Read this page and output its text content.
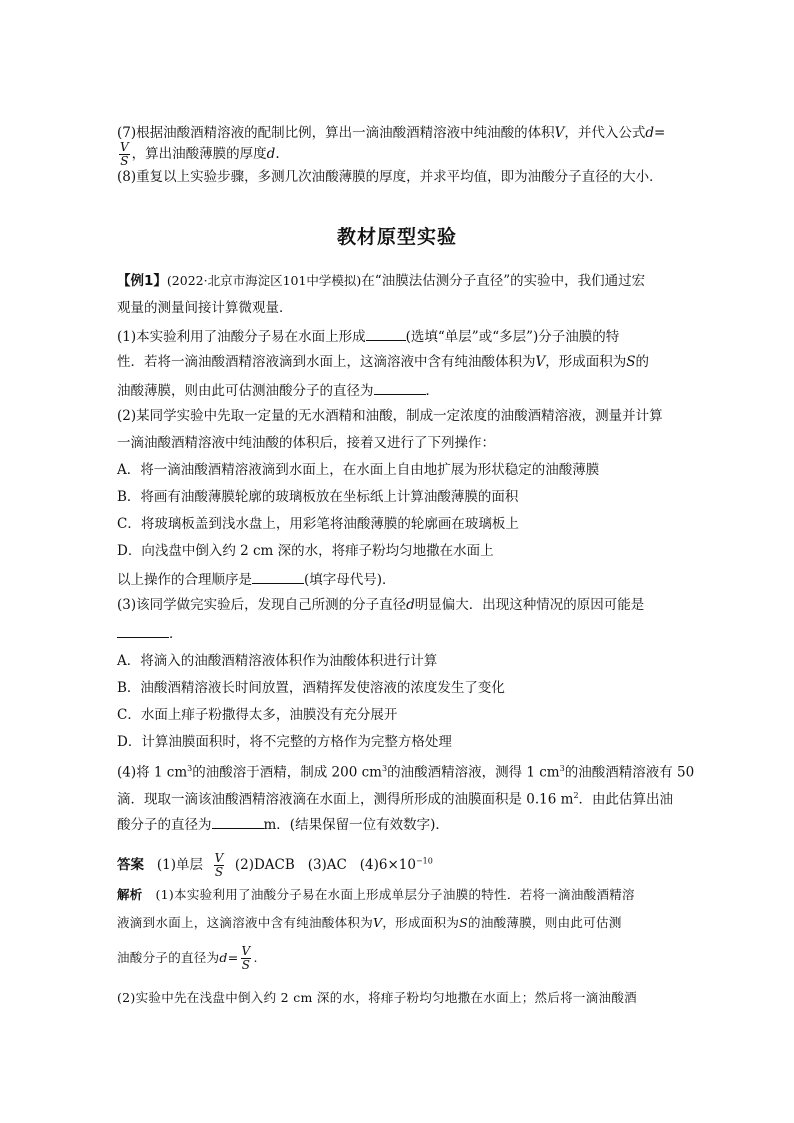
(7)根据油酸酒精溶液的配制比例，算出一滴油酸酒精溶液中纯油酸的体积V，并代入公式d=
$\frac{V}{S}$ ，算出油酸薄膜的厚度d.
(8)重复以上实验步骤，多测几次油酸薄膜的厚度，并求平均值，即为油酸分子直径的大小．
教材原型实验
【例1】(2022·北京市海淀区101中学模拟)在“油膜法估测分子直径”的实验中，我们通过宏
观量的测量间接计算微观量．
(1)本实验利用了油酸分子易在水面上形成	(选填“单层”或“多层”)分子油膜的特
性．若将一滴油酸酒精溶液滴到水面上，这滴溶液中含有纯油酸体积为V，形成面积为S的
油酸薄膜，则由此可估测油酸分子的直径为	．
(2)某同学实验中先取一定量的无水酒精和油酸，制成一定浓度的油酸酒精溶液，测量并计算
一滴油酸酒精溶液中纯油酸的体积后，接着又进行了下列操作：
A．将一滴油酸酒精溶液滴到水面上，在水面上自由地扩展为形状稳定的油酸薄膜
B．将画有油酸薄膜轮廓的玻璃板放在坐标纸上计算油酸薄膜的面积
C．将玻璃板盖到浅水盘上，用彩笔将油酸薄膜的轮廓画在玻璃板上
D．向浅盘中倒入约 2 cm 深的水，将痱子粉均匀地撒在水面上
以上操作的合理顺序是	(填字母代号)．
(3)该同学做完实验后，发现自己所测的分子直径d明显偏大．出现这种情况的原因可能是
．
A．将滴入的油酸酒精溶液体积作为油酸体积进行计算
B．油酸酒精溶液长时间放置，酒精挥发使溶液的浓度发生了变化
C．水面上痱子粉撒得太多，油膜没有充分展开
D．计算油膜面积时，将不完整的方格作为完整方格处理
(4)将 1 $cm^3$的油酸溶于酒精，制成 200 $cm^3$的油酸酒精溶液，测得 1 $cm^3$的油酸酒精溶液有 50
滴．现取一滴该油酸酒精溶液滴在水面上，测得所形成的油膜面积是 0.16 $m^2$．由此估算出油
酸分子的直径为	m．(结果保留一位有效数字)．
答案 (1)单层 $\frac{V}{S}$ (2)DACB (3)AC $(4)6\times 10^{-10}$
解析 (1)本实验利用了油酸分子易在水面上形成单层分子油膜的特性．若将一滴油酸酒精溶
液滴到水面上，这滴溶液中含有纯油酸体积为V，形成面积为S的油酸薄膜，则由此可估测
油酸分子的直径为$d= \frac{V}{S}$ .
(2)实验中先在浅盘中倒入约 2 cm 深的水，将痱子粉均匀地撒在水面上；然后将一滴油酸酒
